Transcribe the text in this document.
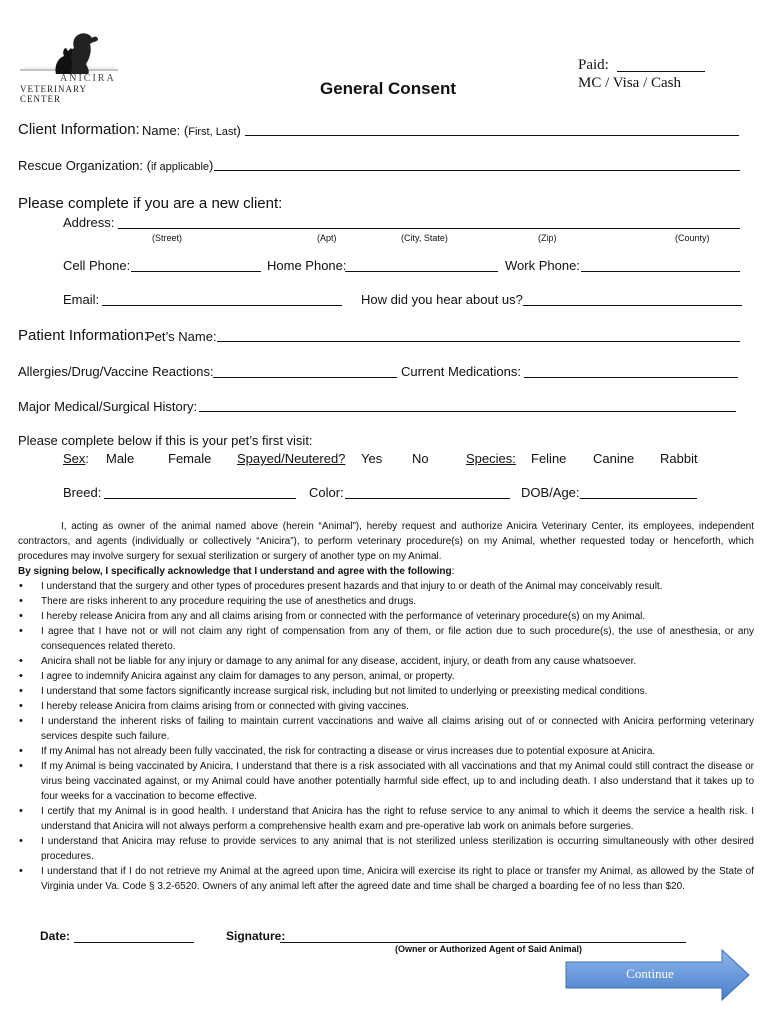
ANICIRA
VETERINARY CENTER
General Consent
Paid:
MC / Visa / Cash
Client Information: Name: (First, Last)
Rescue Organization: (if applicable)
Please complete if you are a new client:
Address:
(Street)	(Apt)	(City, State)	(Zip)	(County)
Cell Phone:	Home Phone:	Work Phone:
Email:	How did you hear about us?
Patient Information:
Pet’s Name:
Allergies/Drug/Vaccine Reactions:	Current Medications:
Major Medical/Surgical History:
Please complete below if this is your pet’s first visit:
Sex: Male	Female Spayed/Neutered? Yes No	Species: Feline Canine Rabbit
Breed:	Color:	DOB/Age:

I, acting as owner of the animal named above (herein “Animal”), hereby request and authorize Anicira Veterinary Center, its employees, independent contractors, and agents (individually or collectively “Anicira”), to perform veterinary procedure(s) on my Animal, whether requested today or henceforth, which procedures may involve surgery for sexual sterilization or surgery of another type on my Animal.

By signing below, I specifically acknowledge that I understand and agree with the following:

• I understand that the surgery and other types of procedures present hazards and that injury to or death of the Animal may conceivably result.
• There are risks inherent to any procedure requiring the use of anesthetics and drugs.
• I hereby release Anicira from any and all claims arising from or connected with the performance of veterinary procedure(s) on my Animal.
• I agree that I have not or will not claim any right of compensation from any of them, or file action due to such procedure(s), the use of anesthesia, or any consequences related thereto.
• Anicira shall not be liable for any injury or damage to any animal for any disease, accident, injury, or death from any cause whatsoever.
• I agree to indemnify Anicira against any claim for damages to any person, animal, or property.
• I understand that some factors significantly increase surgical risk, including but not limited to underlying or preexisting medical conditions.
• I hereby release Anicira from claims arising from or connected with giving vaccines.
• I understand the inherent risks of failing to maintain current vaccinations and waive all claims arising out of or connected with Anicira performing veterinary services despite such failure.
• If my Animal has not already been fully vaccinated, the risk for contracting a disease or virus increases due to potential exposure at Anicira.
• If my Animal is being vaccinated by Anicira, I understand that there is a risk associated with all vaccinations and that my Animal could still contract the disease or virus being vaccinated against, or my Animal could have another potentially harmful side effect, up to and including death. I also understand that it takes up to four weeks for a vaccination to become effective.
• I certify that my Animal is in good health. I understand that Anicira has the right to refuse service to any animal to which it deems the service a health risk. I understand that Anicira will not always perform a comprehensive health exam and pre-operative lab work on animals before surgeries.
• I understand that Anicira may refuse to provide services to any animal that is not sterilized unless sterilization is occurring simultaneously with other desired procedures.
• I understand that if I do not retrieve my Animal at the agreed upon time, Anicira will exercise its right to place or transfer my Animal, as allowed by the State of Virginia under Va. Code § 3.2-6520. Owners of any animal left after the agreed date and time shall be charged a boarding fee of no less than $20.
Date:	Signature:
(Owner or Authorized Agent of Said Animal)
Continue
